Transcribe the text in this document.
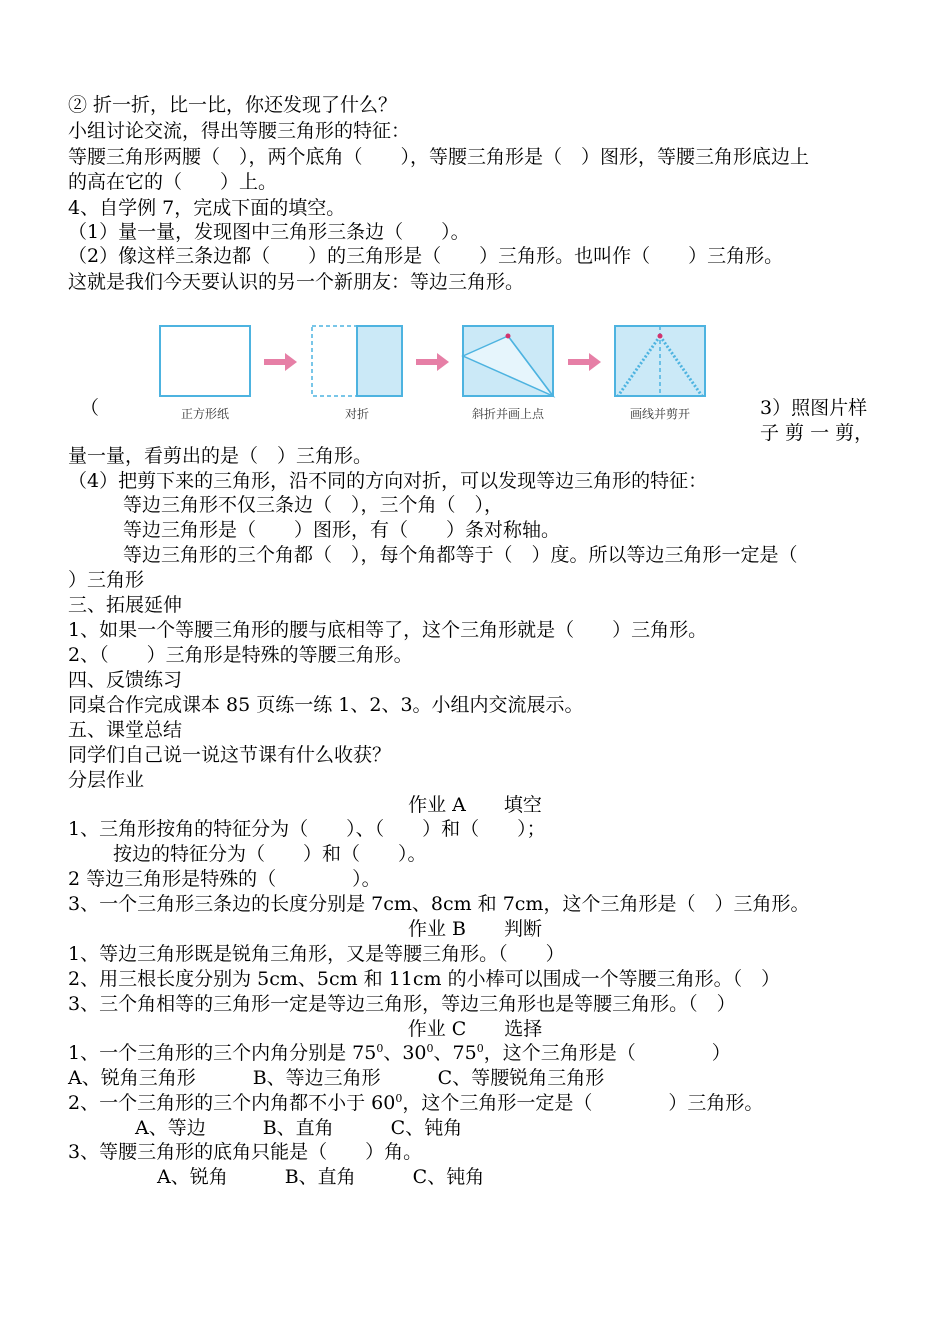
② 折一折，比一比，你还发现了什么？
小组讨论交流，得出等腰三角形的特征：
等腰三角形两腰（　），两个底角（　　），等腰三角形是（　）图形，等腰三角形底边上
的高在它的（　　）上。
4、自学例 7，完成下面的填空。
（1）量一量，发现图中三角形三条边（　　）。
（2）像这样三条边都（　　）的三角形是（　　）三角形。也叫作（　　）三角形。
这就是我们今天要认识的另一个新朋友：等边三角形。
（	正方形纸	对折	斜折并画上点	画线并剪开	3）照图片样
子 剪 一 剪，
量一量，看剪出的是（　）三角形。
（4）把剪下来的三角形，沿不同的方向对折，可以发现等边三角形的特征：
等边三角形不仅三条边（　），三个角（　），
等边三角形是（　　）图形，有（　　）条对称轴。
等边三角形的三个角都（　），每个角都等于（　）度。所以等边三角形一定是（
）三角形
三、拓展延伸
1、如果一个等腰三角形的腰与底相等了，这个三角形就是（　　）三角形。
2、（　　）三角形是特殊的等腰三角形。
四、反馈练习
同桌合作完成课本 85 页练一练 1、2、3。小组内交流展示。
五、课堂总结
同学们自己说一说这节课有什么收获？
分层作业
作业 A　　填空
1、三角形按角的特征分为（　　）、（　　）和（　　）；
按边的特征分为（　　）和（　　）。
2 等边三角形是特殊的（　　　　）。
3、一个三角形三条边的长度分别是 7cm、8cm 和 7cm，这个三角形是（　）三角形。
作业 B　　判断
1、等边三角形既是锐角三角形，又是等腰三角形。（　　）
2、用三根长度分别为 5cm、5cm 和 11cm 的小棒可以围成一个等腰三角形。（　）
3、三个角相等的三角形一定是等边三角形，等边三角形也是等腰三角形。（　）
作业 C　　选择
1、一个三角形的三个内角分别是 $75^0$、$30^0$、$75^0$，这个三角形是（　　　　）
A、锐角三角形　　　B、等边三角形　　　C、等腰锐角三角形
2、一个三角形的三个内角都不小于 $60^0$，这个三角形一定是（　　　　）三角形。
A、等边　　　B、直角　　　C、钝角
3、等腰三角形的底角只能是（　　）角。
A、锐角　　　B、直角　　　C、钝角
